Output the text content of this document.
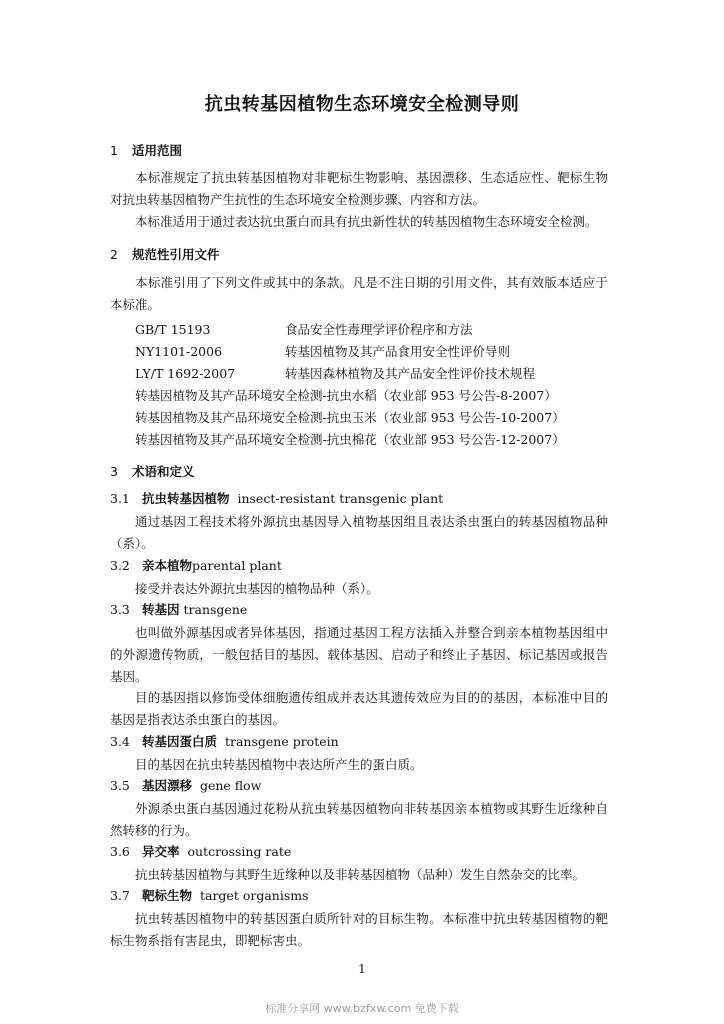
抗虫转基因植物生态环境安全检测导则
1 适用范围

本标准规定了抗虫转基因植物对非靶标生物影响、基因漂移、生态适应性、靶标生物对抗虫转基因植物产生抗性的生态环境安全检测步骤、内容和方法。

本标准适用于通过表达抗虫蛋白而具有抗虫新性状的转基因植物生态环境安全检测。

2 规范性引用文件

本标准引用了下列文件或其中的条款。凡是不注日期的引用文件，其有效版本适应于本标准。

GB/T 15193	食品安全性毒理学评价程序和方法
NY1101-2006	转基因植物及其产品食用安全性评价导则
LY/T 1692-2007	转基因森林植物及其产品安全性评价技术规程
转基因植物及其产品环境安全检测-抗虫水稻（农业部 953 号公告-8-2007）
转基因植物及其产品环境安全检测-抗虫玉米（农业部 953 号公告-10-2007）
转基因植物及其产品环境安全检测-抗虫棉花（农业部 953 号公告-12-2007）
3 术语和定义
3.1 抗虫转基因植物 insect-resistant transgenic plant

通过基因工程技术将外源抗虫基因导入植物基因组且表达杀虫蛋白的转基因植物品种（系）。

3.2 亲本植物parental plant

接受并表达外源抗虫基因的植物品种（系）。

3.3 转基因 transgene

也叫做外源基因或者异体基因，指通过基因工程方法插入并整合到亲本植物基因组中的外源遗传物质，一般包括目的基因、载体基因、启动子和终止子基因、标记基因或报告基因。

目的基因指以修饰受体细胞遗传组成并表达其遗传效应为目的的基因，本标准中目的基因是指表达杀虫蛋白的基因。

3.4 转基因蛋白质 transgene protein

目的基因在抗虫转基因植物中表达所产生的蛋白质。

3.5 基因漂移 gene flow

外源杀虫蛋白基因通过花粉从抗虫转基因植物向非转基因亲本植物或其野生近缘种自然转移的行为。

3.6 异交率 outcrossing rate

抗虫转基因植物与其野生近缘种以及非转基因植物（品种）发生自然杂交的比率。

3.7 靶标生物 target organisms

抗虫转基因植物中的转基因蛋白质所针对的目标生物。本标准中抗虫转基因植物的靶标生物系指有害昆虫，即靶标害虫。

1
标准分享网 www.bzfxw.com 免费下载
